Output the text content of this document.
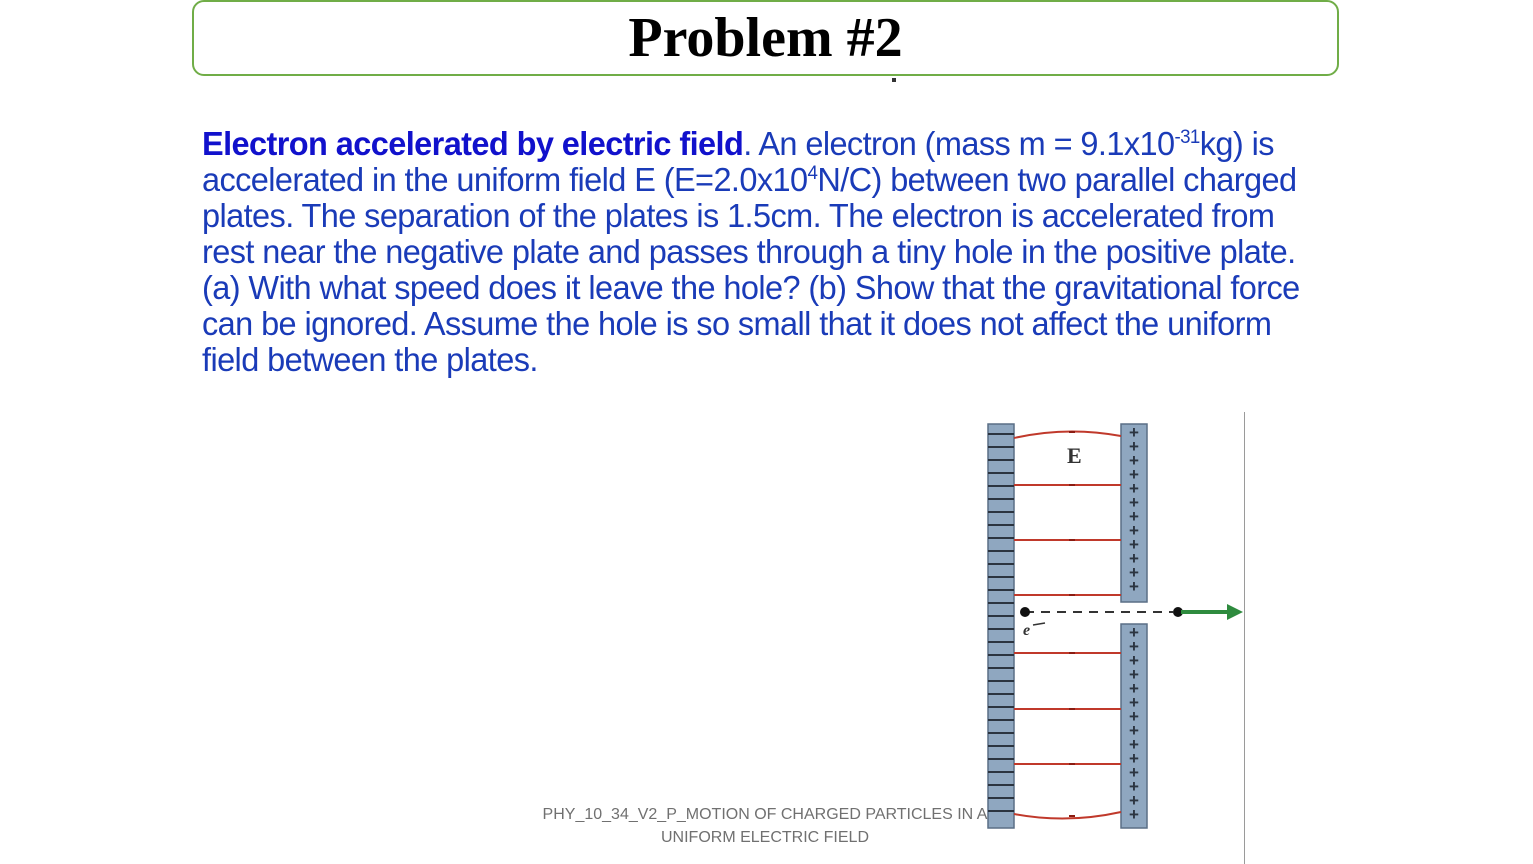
Problem #2
Electron accelerated by electric field. An electron (mass $m = 9.1x10^{-31}kg$) is accelerated in the uniform field E $(E=2.0x10^4N/C)$ between two parallel charged plates. The separation of the plates is 1.5cm. The electron is accelerated from rest near the negative plate and passes through a tiny hole in the positive plate. (a) With what speed does it leave the hole? (b) Show that the gravitational force can be ignored. Assume the hole is so small that it does not affect the uniform field between the plates.
+
+
+
+
+
+
+
+
+
+
+
+
+
+
+
+
+
+
+
+
+
+
+
+
+
+
E
e
PHY_10_34_V2_P_MOTION OF CHARGED PARTICLES IN A
UNIFORM ELECTRIC FIELD
